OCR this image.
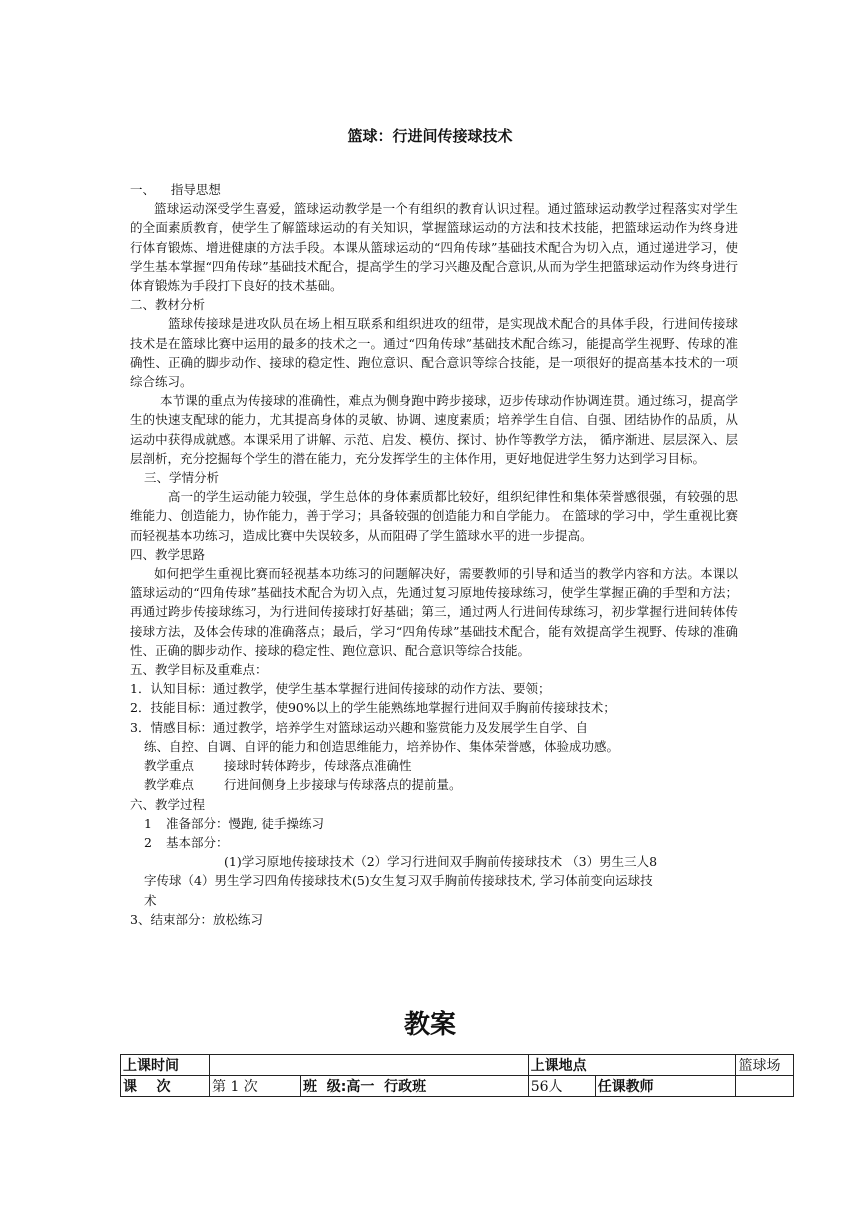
篮球：行进间传接球技术

一、    指导思想

篮球运动深受学生喜爱，篮球运动教学是一个有组织的教育认识过程。通过篮球运动教学过程落实对学生的全面素质教育，使学生了解篮球运动的有关知识，掌握篮球运动的方法和技术技能，把篮球运动作为终身进行体育锻炼、增进健康的方法手段。本课从篮球运动的“四角传球”基础技术配合为切入点，通过递进学习，使学生基本掌握“四角传球”基础技术配合，提高学生的学习兴趣及配合意识,从而为学生把篮球运动作为终身进行体育锻炼为手段打下良好的技术基础。

二、教材分析

篮球传接球是进攻队员在场上相互联系和组织进攻的纽带，是实现战术配合的具体手段，行进间传接球技术是在篮球比赛中运用的最多的技术之一。通过“四角传球”基础技术配合练习，能提高学生视野、传球的准确性、正确的脚步动作、接球的稳定性、跑位意识、配合意识等综合技能，是一项很好的提高基本技术的一项综合练习。

本节课的重点为传接球的准确性，难点为侧身跑中跨步接球，迈步传球动作协调连贯。通过练习，提高学生的快速支配球的能力，尤其提高身体的灵敏、协调、速度素质；培养学生自信、自强、团结协作的品质，从运动中获得成就感。本课采用了讲解、示范、启发、模仿、探讨、协作等教学方法， 循序渐进、层层深入、层层剖析，充分挖掘每个学生的潜在能力，充分发挥学生的主体作用，更好地促进学生努力达到学习目标。

三、学情分析

高一的学生运动能力较强，学生总体的身体素质都比较好，组织纪律性和集体荣誉感很强，有较强的思维能力、创造能力，协作能力，善于学习；具备较强的创造能力和自学能力。 在篮球的学习中，学生重视比赛而轻视基本功练习，造成比赛中失误较多，从而阻碍了学生篮球水平的进一步提高。

四、教学思路

如何把学生重视比赛而轻视基本功练习的问题解决好，需要教师的引导和适当的教学内容和方法。本课以篮球运动的“四角传球”基础技术配合为切入点，先通过复习原地传接球练习，使学生掌握正确的手型和方法；再通过跨步传接球练习，为行进间传接球打好基础；第三，通过两人行进间传球练习，初步掌握行进间转体传接球方法，及体会传球的准确落点；最后，学习“四角传球”基础技术配合，能有效提高学生视野、传球的准确性、正确的脚步动作、接球的稳定性、跑位意识、配合意识等综合技能。

五、教学目标及重难点：

1．认知目标：通过教学，使学生基本掌握行进间传接球的动作方法、要领；

2．技能目标：通过教学，使90%以上的学生能熟练地掌握行进间双手胸前传接球技术；

3．情感目标：通过教学，培养学生对篮球运动兴趣和鉴赏能力及发展学生自学、自

练、自控、自调、自评的能力和创造思维能力，培养协作、集体荣誉感，体验成功感。

教学重点 接球时转体跨步，传球落点准确性

教学难点 行进间侧身上步接球与传球落点的提前量。

六、教学过程

1 准备部分：慢跑, 徒手操练习

2 基本部分：

(1)学习原地传接球技术（2）学习行进间双手胸前传接球技术 （3）男生三人8

字传球（4）男生学习四角传接球技术(5)女生复习双手胸前传接球技术, 学习体前变向运球技

术

3、结束部分：放松练习

教案
上课时间			上课地点		篮球场
课    次	第 1 次	班  级:高一  行政班	56人	任课教师	
